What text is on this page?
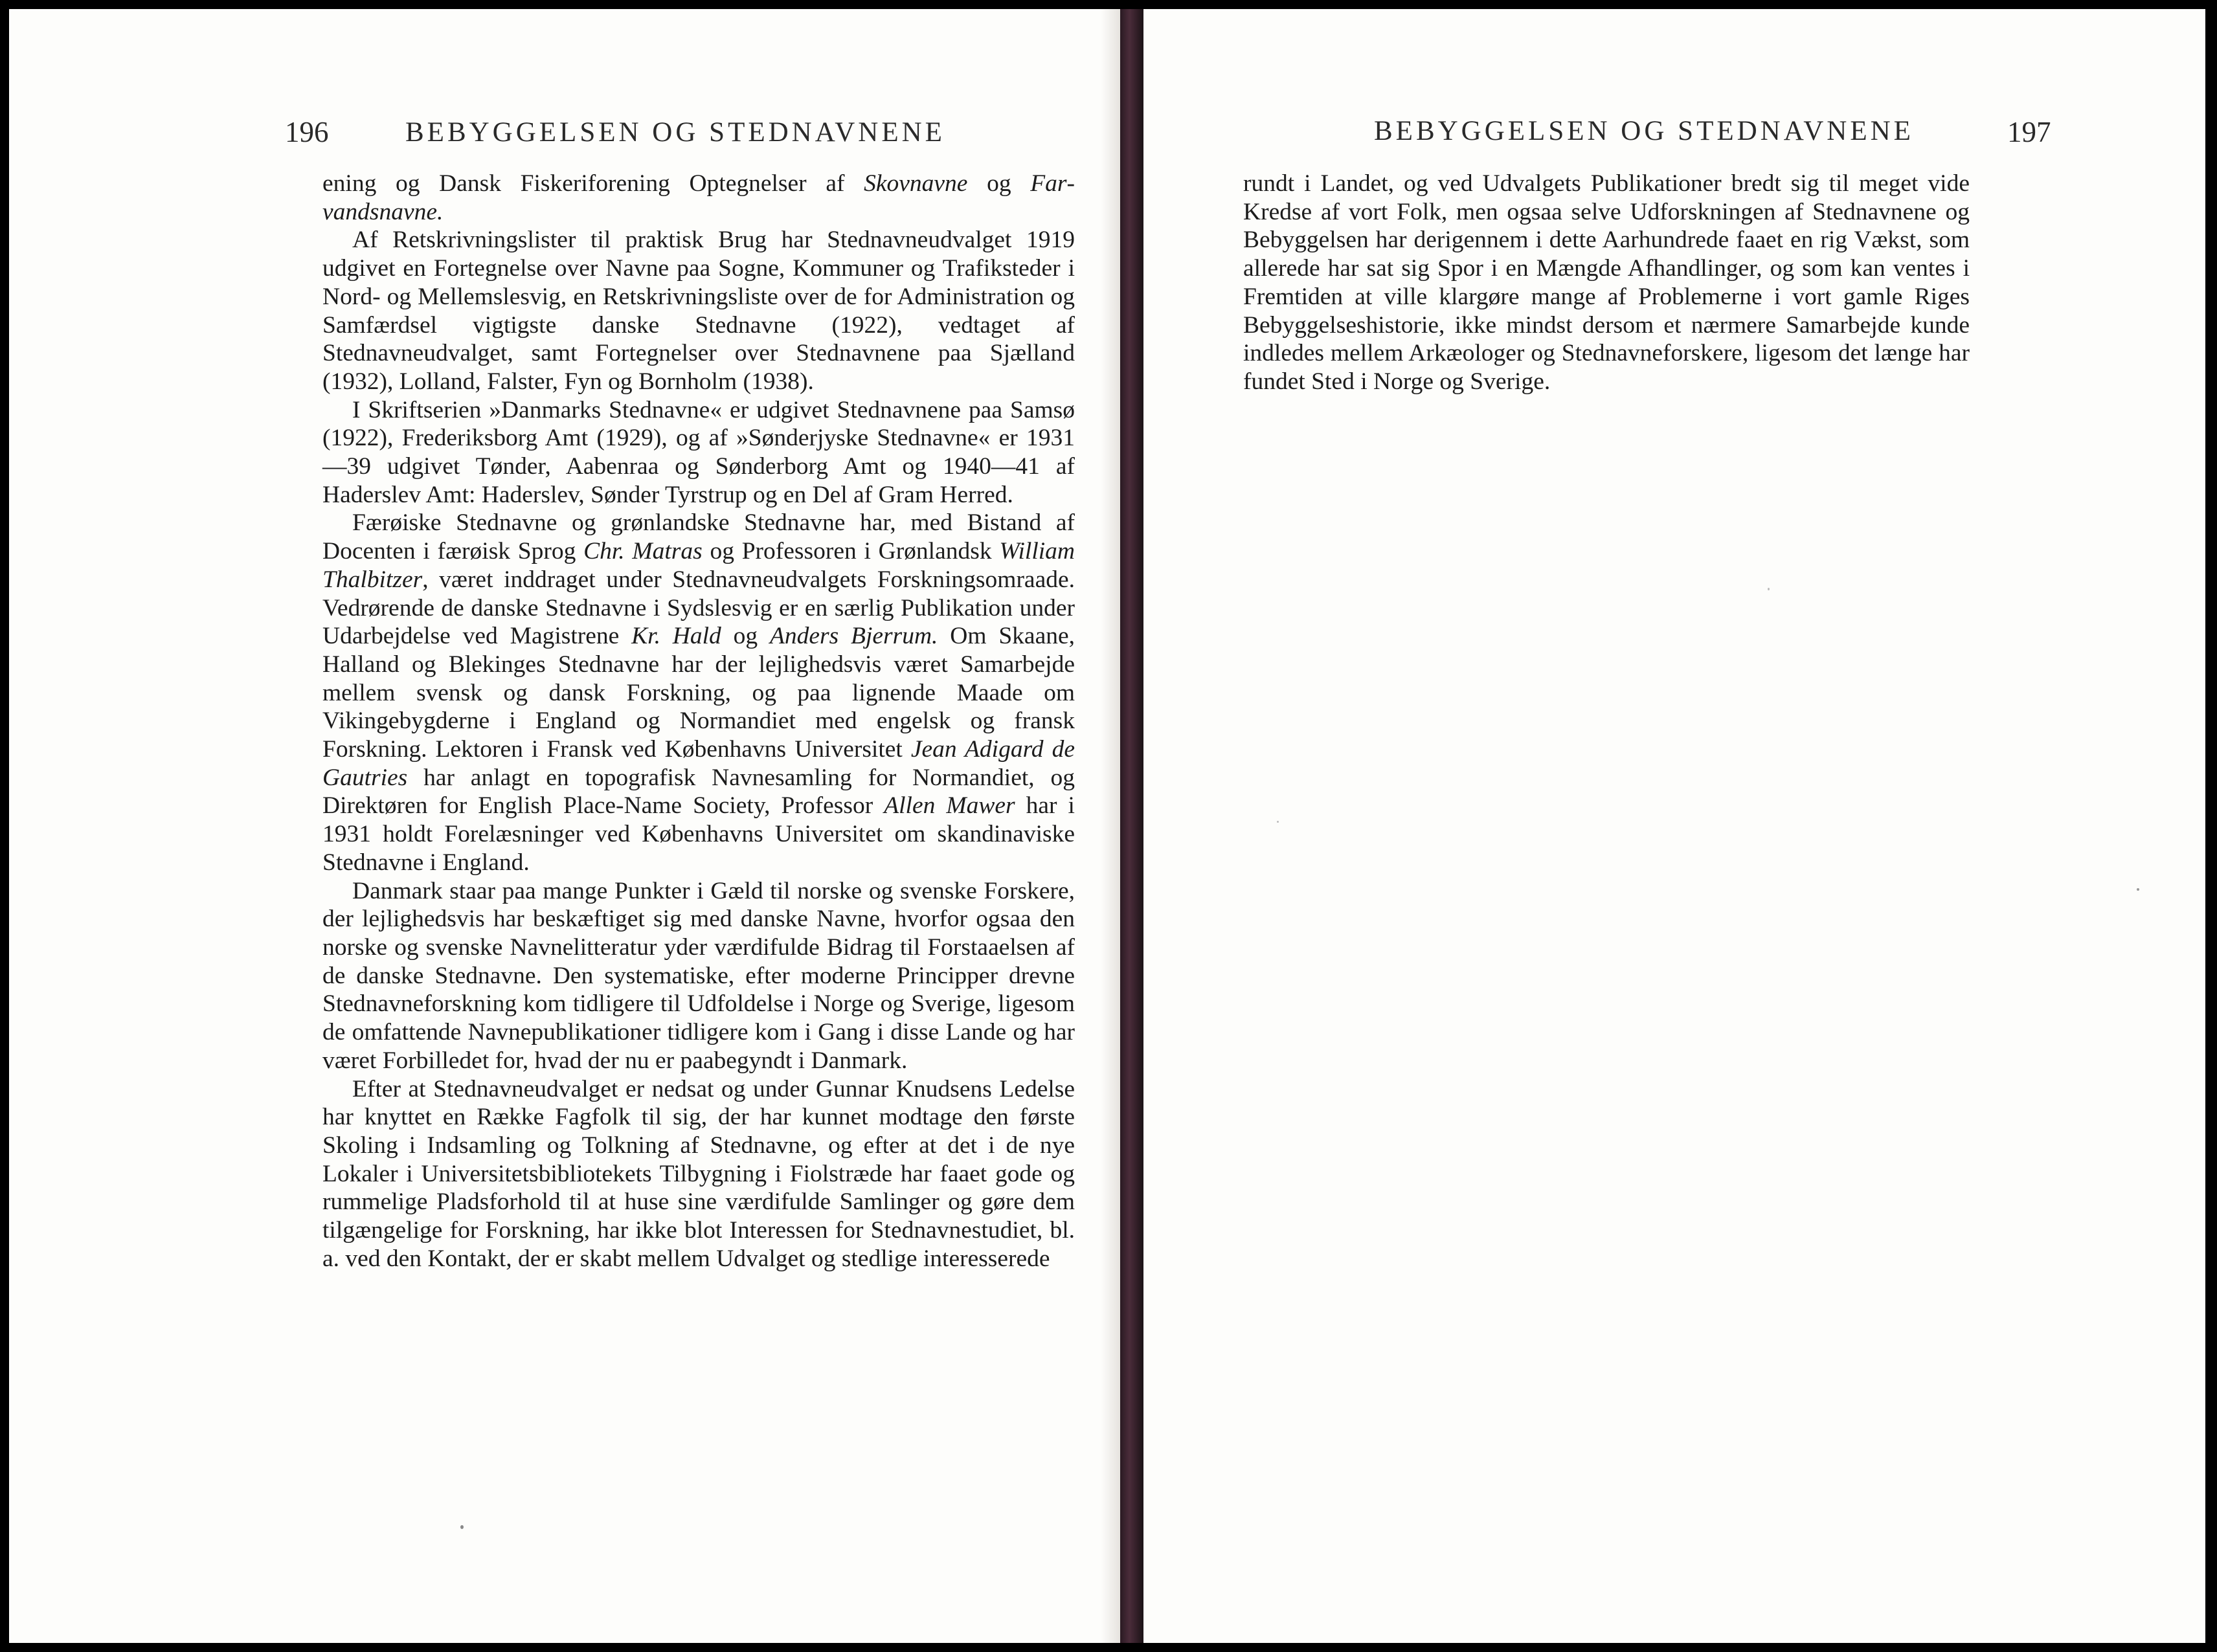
196	BEBYGGELSEN OG STEDNAVNENE

ening og Dansk Fiskeriforening Optegnelser af Skovnavne og Farvandsnavne.

Af Retskrivningslister til praktisk Brug har Stednavneudvalget 1919 udgivet en Fortegnelse over Navne paa Sogne, Kommuner og Trafiksteder i Nord- og Mellemslesvig, en Retskrivningsliste over de for Administration og Samfærdsel vigtigste danske Stednavne (1922), vedtaget af Stednavneudvalget, samt Fortegnelser over Stednavnene paa Sjælland (1932), Lolland, Falster, Fyn og Bornholm (1938).

I Skriftserien »Danmarks Stednavne« er udgivet Stednavnene paa Samsø (1922), Frederiksborg Amt (1929), og af »Sønderjyske Stednavne« er 1931—39 udgivet Tønder, Aabenraa og Sønderborg Amt og 1940—41 af Haderslev Amt: Haderslev, Sønder Tyrstrup og en Del af Gram Herred.

Færøiske Stednavne og grønlandske Stednavne har, med Bistand af Docenten i færøisk Sprog Chr. Matras og Professoren i Grønlandsk William Thalbitzer, været inddraget under Stednavneudvalgets Forskningsomraade. Vedrørende de danske Stednavne i Sydslesvig er en særlig Publikation under Udarbejdelse ved Magistrene Kr. Hald og Anders Bjerrum. Om Skaane, Halland og Blekinges Stednavne har der lejlighedsvis været Samarbejde mellem svensk og dansk Forskning, og paa lignende Maade om Vikingebygderne i England og Normandiet med engelsk og fransk Forskning. Lektoren i Fransk ved Københavns Universitet Jean Adigard de Gautries har anlagt en topografisk Navnesamling for Normandiet, og Direktøren for English Place-Name Society, Professor Allen Mawer har i 1931 holdt Forelæsninger ved Københavns Universitet om skandinaviske Stednavne i England.

Danmark staar paa mange Punkter i Gæld til norske og svenske Forskere, der lejlighedsvis har beskæftiget sig med danske Navne, hvorfor ogsaa den norske og svenske Navnelitteratur yder værdifulde Bidrag til Forstaaelsen af de danske Stednavne. Den systematiske, efter moderne Principper drevne Stednavneforskning kom tidligere til Udfoldelse i Norge og Sverige, ligesom de omfattende Navnepublikationer tidligere kom i Gang i disse Lande og har været Forbilledet for, hvad der nu er paabegyndt i Danmark.

Efter at Stednavneudvalget er nedsat og under Gunnar Knudsens Ledelse har knyttet en Række Fagfolk til sig, der har kunnet modtage den første Skoling i Indsamling og Tolkning af Stednavne, og efter at det i de nye Lokaler i Universitetsbibliotekets Tilbygning i Fiolstræde har faaet gode og rummelige Pladsforhold til at huse sine værdifulde Samlinger og gøre dem tilgængelige for Forskning, har ikke blot Interessen for Stednavnestudiet, bl. a. ved den Kontakt, der er skabt mellem Udvalget og stedlige interesserede

BEBYGGELSEN OG STEDNAVNENE	197

rundt i Landet, og ved Udvalgets Publikationer bredt sig til meget vide Kredse af vort Folk, men ogsaa selve Udforskningen af Stednavnene og Bebyggelsen har derigennem i dette Aarhundrede faaet en rig Vækst, som allerede har sat sig Spor i en Mængde Afhandlinger, og som kan ventes i Fremtiden at ville klargøre mange af Problemerne i vort gamle Riges Bebyggelseshistorie, ikke mindst dersom et nærmere Samarbejde kunde indledes mellem Arkæologer og Stednavneforskere, ligesom det længe har fundet Sted i Norge og Sverige.
